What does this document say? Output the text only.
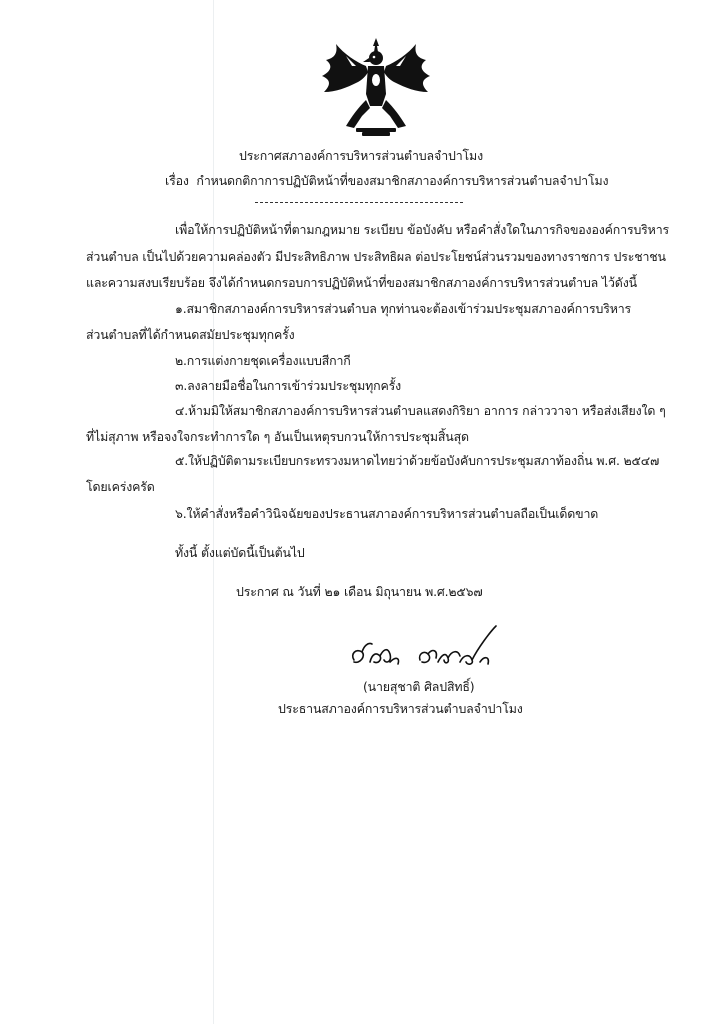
ประกาศสภาองค์การบริหารส่วนตำบลจำปาโมง
เรื่อง กำหนดกติกาการปฏิบัติหน้าที่ของสมาชิกสภาองค์การบริหารส่วนตำบลจำปาโมง
เพื่อให้การปฏิบัติหน้าที่ตามกฎหมาย ระเบียบ ข้อบังคับ หรือคำสั่งใดในภารกิจขององค์การบริหาร
ส่วนตำบล เป็นไปด้วยความคล่องตัว มีประสิทธิภาพ ประสิทธิผล ต่อประโยชน์ส่วนรวมของทางราชการ ประชาชน
และความสงบเรียบร้อย จึงได้กำหนดกรอบการปฏิบัติหน้าที่ของสมาชิกสภาองค์การบริหารส่วนตำบล ไว้ดังนี้
๑.สมาชิกสภาองค์การบริหารส่วนตำบล ทุกท่านจะต้องเข้าร่วมประชุมสภาองค์การบริหาร
ส่วนตำบลที่ได้กำหนดสมัยประชุมทุกครั้ง
๒.การแต่งกายชุดเครื่องแบบสีกากี
๓.ลงลายมือชื่อในการเข้าร่วมประชุมทุกครั้ง
๔.ห้ามมิให้สมาชิกสภาองค์การบริหารส่วนตำบลแสดงกิริยา อาการ กล่าววาจา หรือส่งเสียงใด ๆ
ที่ไม่สุภาพ หรือจงใจกระทำการใด ๆ อันเป็นเหตุรบกวนให้การประชุมสิ้นสุด
๕.ให้ปฏิบัติตามระเบียบกระทรวงมหาดไทยว่าด้วยข้อบังคับการประชุมสภาท้องถิ่น พ.ศ. ๒๕๔๗
โดยเคร่งครัด
๖.ให้คำสั่งหรือคำวินิจฉัยของประธานสภาองค์การบริหารส่วนตำบลถือเป็นเด็ดขาด
ทั้งนี้ ตั้งแต่บัดนี้เป็นต้นไป
ประกาศ ณ วันที่ ๒๑ เดือน มิถุนายน พ.ศ.๒๕๖๗
(นายสุชาติ ศิลปสิทธิ์)
ประธานสภาองค์การบริหารส่วนตำบลจำปาโมง
